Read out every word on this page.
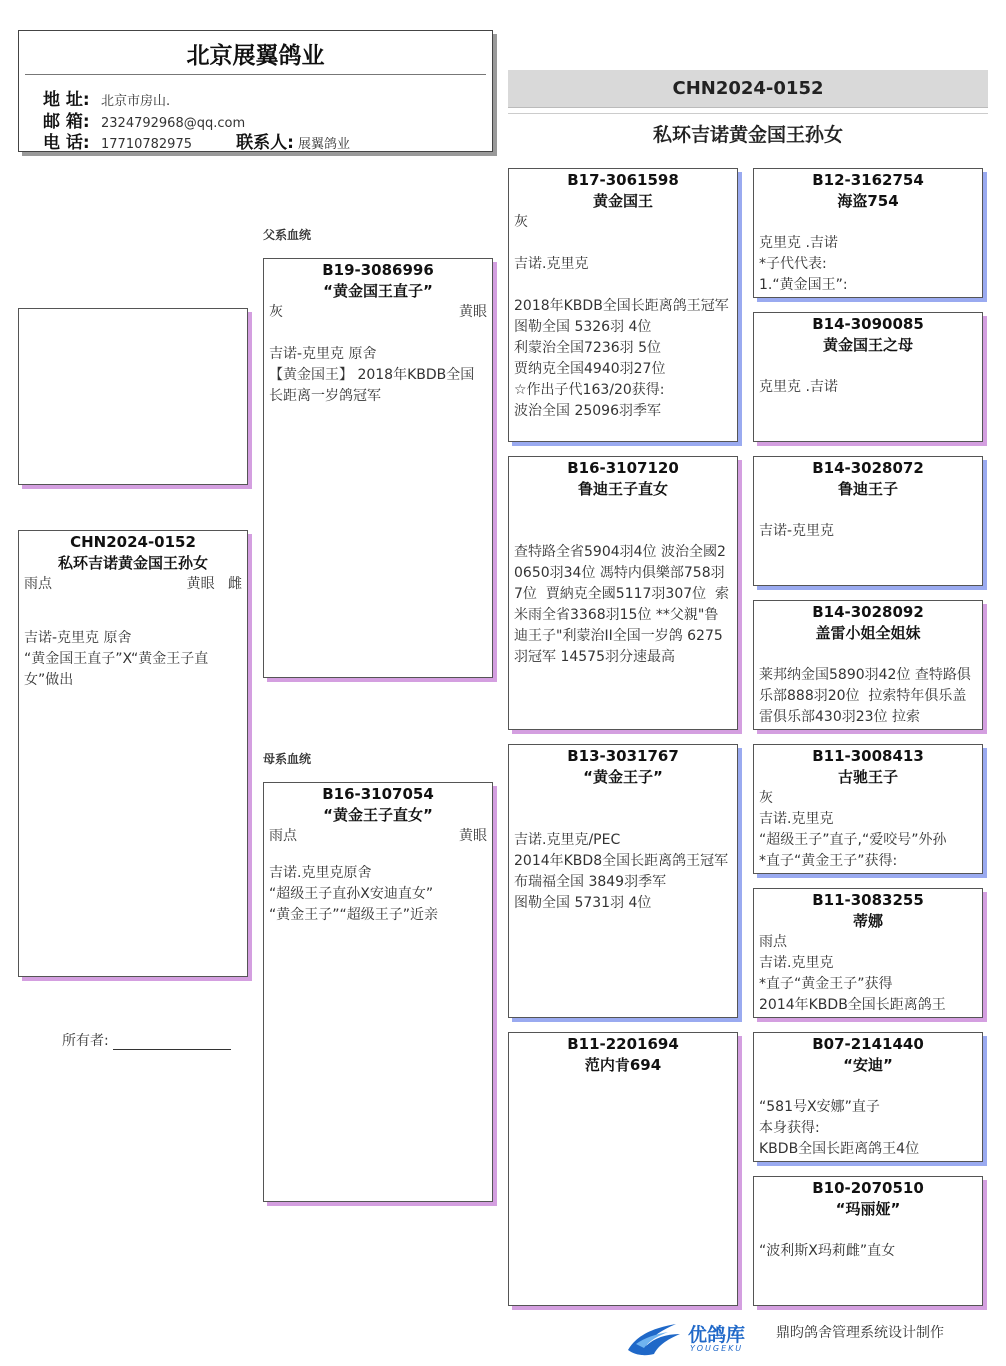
北京展翼鸽业
地 址: 北京市房山.
邮 箱: 2324792968@qq.com
电 话: 17710782975	联系人: 展翼鸽业
CHN2024-0152
私环吉诺黄金国王孙女
CHN2024-0152
私环吉诺黄金国王孙女
雨点	黄眼 雌
吉诺-克里克 原舍
“黄金国王直子”X“黄金王子直女”做出
所有者:
父系血统
母系血统
B19-3086996
“黄金国王直子”
灰	黄眼
吉诺-克里克 原舍
【黄金国王】 2018年KBDB全国长距离一岁鸽冠军
B16-3107054
“黄金王子直女”
雨点	黄眼
吉诺.克里克原舍
“超级王子直孙X安迪直女”
“黄金王子”“超级王子”近亲
B17-3061598
黄金国王
灰

吉诺.克里克

2018年KBDB全国长距离鸽王冠军
图勒全国 5326羽 4位
利蒙治全国7236羽 5位
贾纳克全国4940羽27位
☆作出子代163/20获得:
波治全国 25096羽季军
B16-3107120
鲁迪王子直女

查特路全省5904羽4位 波治全國20650羽34位 馮特内俱樂部758羽7位  賈納克全國5117羽307位  索米雨全省3368羽15位 **父親"鲁迪王子"利蒙治II全国一岁鸽 6275羽冠军 14575羽分速最高
B13-3031767
“黄金王子”

吉诺.克里克/PEC
2014年KBD8全国长距离鸽王冠军
布瑞福全国 3849羽季军
图勒全国 5731羽 4位
B11-2201694
范内肯694
B12-3162754
海盗754

克里克 .吉诺
*子代代表:
1.“黄金国王”:
B14-3090085
黄金国王之母

克里克 .吉诺
B14-3028072
鲁迪王子

吉诺-克里克
B14-3028092
盖雷小姐全姐妹

莱邦纳金国5890羽42位 查特路俱乐部888羽20位  拉索特年俱乐盖雷俱乐部430羽23位 拉索
B11-3008413
古驰王子
灰
吉诺.克里克
“超级王子”直子,“爱咬号”外孙
*直子“黄金王子”获得:
B11-3083255
蒂娜
雨点
吉诺.克里克
*直子“黄金王子”获得
2014年KBDB全国长距离鸽王
B07-2141440
“安迪”

“581号X安娜”直子
本身获得:
KBDB全国长距离鸽王4位
B10-2070510
“玛丽娅”

“波利斯X玛莉雌”直女
优鸽库
YOUGEKU
鼎昀鸽舍管理系统设计制作
